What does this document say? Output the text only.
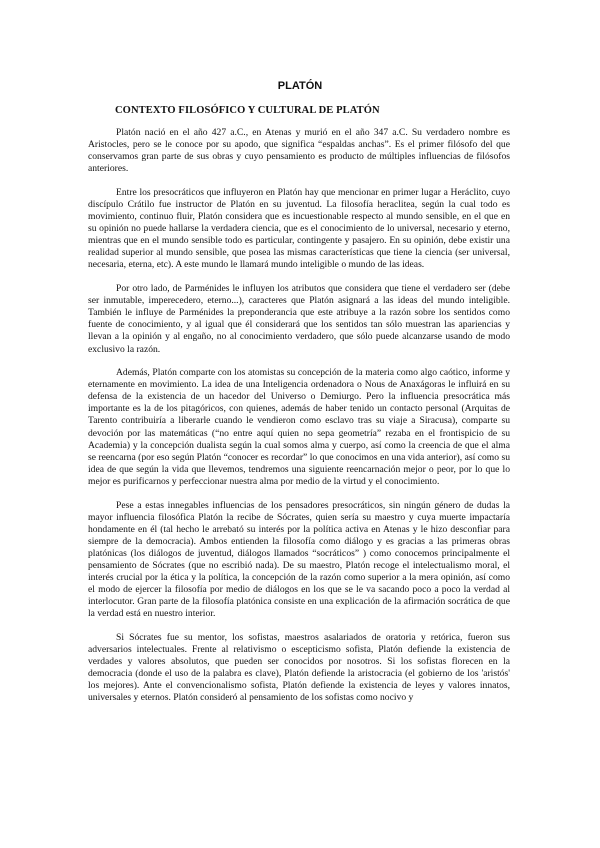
PLATÓN
CONTEXTO FILOSÓFICO Y CULTURAL DE PLATÓN

Platón nació en el año 427 a.C., en Atenas y murió en el año 347 a.C. Su verdadero nombre es Aristocles, pero se le conoce por su apodo, que significa “espaldas anchas”. Es el primer filósofo del que conservamos gran parte de sus obras y cuyo pensamiento es producto de múltiples influencias de filósofos anteriores.

Entre los presocráticos que influyeron en Platón hay que mencionar en primer lugar a Heráclito, cuyo discípulo Crátilo fue instructor de Platón en su juventud. La filosofía heraclitea, según la cual todo es movimiento, continuo fluir, Platón considera que es incuestionable respecto al mundo sensible, en el que en su opinión no puede hallarse la verdadera ciencia, que es el conocimiento de lo universal, necesario y eterno, mientras que en el mundo sensible todo es particular, contingente y pasajero. En su opinión, debe existir una realidad superior al mundo sensible, que posea las mismas características que tiene la ciencia (ser universal, necesaria, eterna, etc). A este mundo le llamará mundo inteligible o mundo de las ideas.

Por otro lado, de Parménides le influyen los atributos que considera que tiene el verdadero ser (debe ser inmutable, imperecedero, eterno...), caracteres que Platón asignará a las ideas del mundo inteligible. También le influye de Parménides la preponderancia que este atribuye a la razón sobre los sentidos como fuente de conocimiento, y al igual que él considerará que los sentidos tan sólo muestran las apariencias y llevan a la opinión y al engaño, no al conocimiento verdadero, que sólo puede alcanzarse usando de modo exclusivo la razón.

Además, Platón comparte con los atomistas su concepción de la materia como algo caótico, informe y eternamente en movimiento. La idea de una Inteligencia ordenadora o Nous de Anaxágoras le influirá en su defensa de la existencia de un hacedor del Universo o Demiurgo. Pero la influencia presocrática más importante es la de los pitagóricos, con quienes, además de haber tenido un contacto personal (Arquitas de Tarento contribuiría a liberarle cuando le vendieron como esclavo tras su viaje a Siracusa), comparte su devoción por las matemáticas (“no entre aquí quien no sepa geometría” rezaba en el frontispicio de su Academia) y la concepción dualista según la cual somos alma y cuerpo, así como la creencia de que el alma se reencarna (por eso según Platón “conocer es recordar” lo que conocimos en una vida anterior), así como su idea de que según la vida que llevemos, tendremos una siguiente reencarnación mejor o peor, por lo que lo mejor es purificarnos y perfeccionar nuestra alma por medio de la virtud y el conocimiento.

Pese a estas innegables influencias de los pensadores presocráticos, sin ningún género de dudas la mayor influencia filosófica Platón la recibe de Sócrates, quien sería su maestro y cuya muerte impactaría hondamente en él (tal hecho le arrebató su interés por la política activa en Atenas y le hizo desconfiar para siempre de la democracia). Ambos entienden la filosofía como diálogo y es gracias a las primeras obras platónicas (los diálogos de juventud, diálogos llamados “socráticos” ) como conocemos principalmente el pensamiento de Sócrates (que no escribió nada). De su maestro, Platón recoge el intelectualismo moral, el interés crucial por la ética y la política, la concepción de la razón como superior a la mera opinión, así como el modo de ejercer la filosofía por medio de diálogos en los que se le va sacando poco a poco la verdad al interlocutor. Gran parte de la filosofía platónica consiste en una explicación de la afirmación socrática de que la verdad está en nuestro interior.

Si Sócrates fue su mentor, los sofistas, maestros asalariados de oratoria y retórica, fueron sus adversarios intelectuales. Frente al relativismo o escepticismo sofista, Platón defiende la existencia de verdades y valores absolutos, que pueden ser conocidos por nosotros. Si los sofistas florecen en la democracia (donde el uso de la palabra es clave), Platón defiende la aristocracia (el gobierno de los 'aristós' los mejores). Ante el convencionalismo sofista, Platón defiende la existencia de leyes y valores innatos, universales y eternos. Platón consideró al pensamiento de los sofistas como nocivo y
